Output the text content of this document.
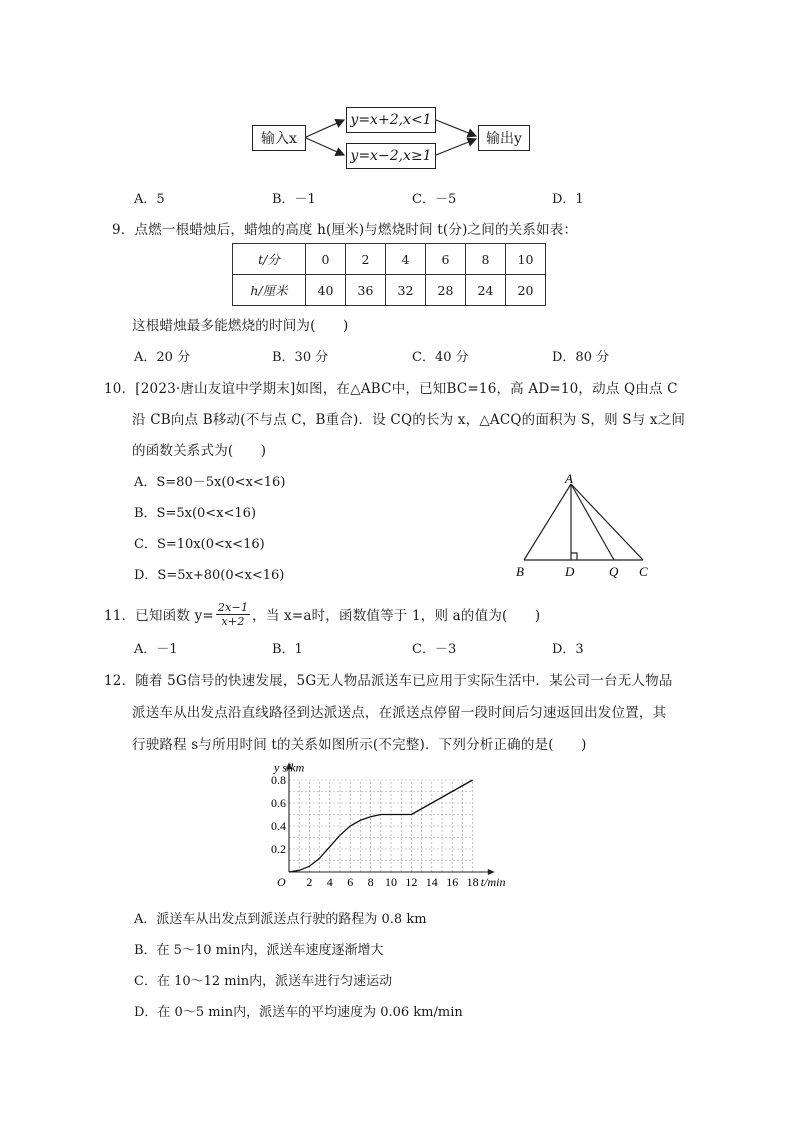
输入x
y=x+2,x<1
y=x−2,x≥1
输出y
A．5	B．－1	C．－5	D．1
9．点燃一根蜡烛后，蜡烛的高度 h(厘米)与燃烧时间 t(分)之间的关系如表：
t/分	0	2	4	6	8	10
h/厘米	40	36	32	28	24	20
这根蜡烛最多能燃烧的时间为(　　)
A．20 分	B．30 分	C．40 分	D．80 分
10．[2023·唐山友谊中学期末]如图，在△ABC中，已知BC=16，高 AD=10，动点 Q由点 C
沿 CB向点 B移动(不与点 C，B重合)．设 CQ的长为 x，△ACQ的面积为 S，则 S与 x之间
的函数关系式为(　　)
A．S=80－5x(0<x<16)
B．S=5x(0<x<16)
C．S=10x(0<x<16)
D．S=5x+80(0<x<16)
A
B	D	Q C
11．已知函数 y=
2x−1
x+2 ，当 x=a时，函数值等于 1，则 a的值为(　　)
A．－1	B．1	C．－3	D．3
12．随着 5G信号的快速发展，5G无人物品派送车已应用于实际生活中．某公司一台无人物品
派送车从出发点沿直线路径到达派送点，在派送点停留一段时间后匀速返回出发位置，其
行驶路程 s与所用时间 t的关系如图所示(不完整)．下列分析正确的是(　　)
2 4 6 8 10 12 14 16 18
0.2
0.4
0.6
0.8
O
y s/km
t/min
A．派送车从出发点到派送点行驶的路程为 0.8 km
B．在 5～10 min内，派送车速度逐渐增大
C．在 10～12 min内，派送车进行匀速运动
D．在 0～5 min内，派送车的平均速度为 0.06 km/min
